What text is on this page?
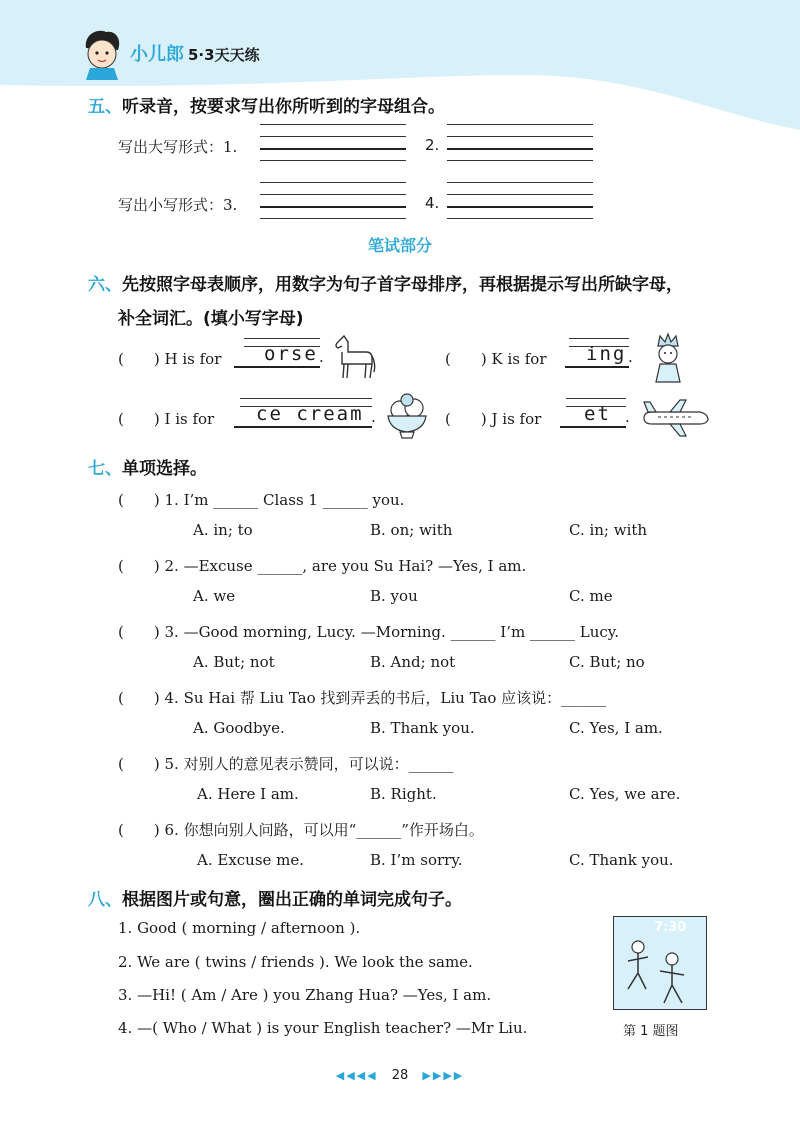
小儿郎 5·3天天练
五、听录音，按要求写出你所听到的字母组合。
写出大写形式：1.	2.
写出小写形式：3.	4.
笔试部分
六、先按照字母表顺序，用数字为句子首字母排序，再根据提示写出所缺字母，
补全词汇。(填小写字母)
(　　) H is for orse .	(　　) K is for ing .
(　　) I is for ce cream .	(　　) J is for et .
七、单项选择。
(　　) 1. I’m ______ Class 1 ______ you.
A. in; to	B. on; with	C. in; with
(　　) 2. —Excuse ______, are you Su Hai? —Yes, I am.
A. we	B. you	C. me
(　　) 3. —Good morning, Lucy. —Morning. ______ I’m ______ Lucy.
A. But; not	B. And; not	C. But; no
(　　) 4. Su Hai 帮 Liu Tao 找到弄丢的书后，Liu Tao 应该说：______
A. Goodbye.	B. Thank you.	C. Yes, I am.
(　　) 5. 对别人的意见表示赞同，可以说：______
A. Here I am.	B. Right.	C. Yes, we are.
(　　) 6. 你想向别人问路，可以用“______”作开场白。
A. Excuse me.	B. I’m sorry.	C. Thank you.
八、根据图片或句意，圈出正确的单词完成句子。
1. Good ( morning / afternoon ).
2. We are ( twins / friends ). We look the same.
3. —Hi! ( Am / Are ) you Zhang Hua? —Yes, I am.
4. —( Who / What ) is your English teacher? —Mr Liu.
7:30
第 1 题图
◀◀◀◀ 28 ▶▶▶▶
